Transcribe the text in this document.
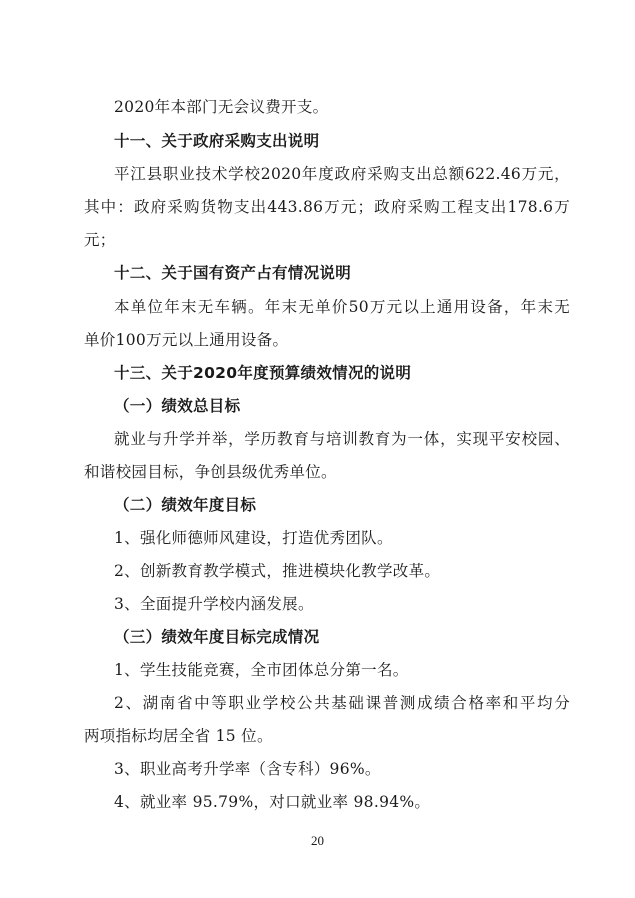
2020年本部门无会议费开支。
十一、关于政府采购支出说明
平江县职业技术学校2020年度政府采购支出总额622.46万元，
其中：政府采购货物支出443.86万元；政府采购工程支出178.6万
元；
十二、关于国有资产占有情况说明
本单位年末无车辆。年末无单价50万元以上通用设备，年末无
单价100万元以上通用设备。
十三、关于2020年度预算绩效情况的说明
（一）绩效总目标
就业与升学并举，学历教育与培训教育为一体，实现平安校园、
和谐校园目标，争创县级优秀单位。
（二）绩效年度目标
1、强化师德师风建设，打造优秀团队。
2、创新教育教学模式，推进模块化教学改革。
3、全面提升学校内涵发展。
（三）绩效年度目标完成情况
1、学生技能竞赛，全市团体总分第一名。
2、湖南省中等职业学校公共基础课普测成绩合格率和平均分
两项指标均居全省 15 位。
3、职业高考升学率（含专科）96%。
4、就业率 95.79%，对口就业率 98.94%。
20
